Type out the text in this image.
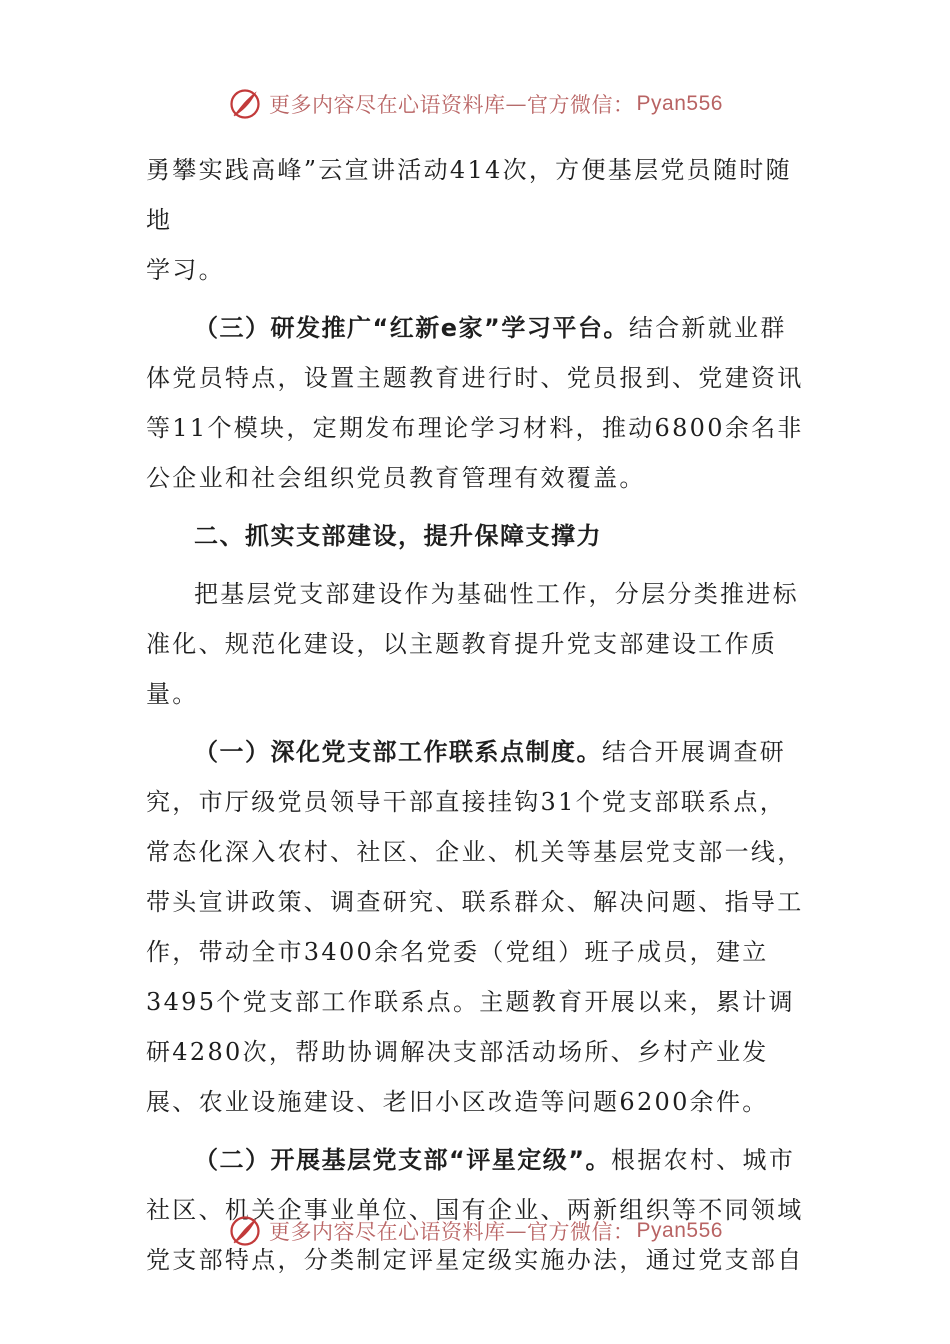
更多内容尽在心语资料库 — 官方微信： Pyan556

勇攀实践高峰”云宣讲活动414次，方便基层党员随时随地

学习。

（三）研发推广“红新e家”学习平台。结合新就业群体党员特点，设置主题教育进行时、党员报到、党建资讯等11个模块，定期发布理论学习材料，推动6800余名非公企业和社会组织党员教育管理有效覆盖。

二、抓实支部建设，提升保障支撑力

把基层党支部建设作为基础性工作，分层分类推进标准化、规范化建设，以主题教育提升党支部建设工作质量。

（一）深化党支部工作联系点制度。结合开展调查研究，市厅级党员领导干部直接挂钩31个党支部联系点，常态化深入农村、社区、企业、机关等基层党支部一线，带头宣讲政策、调查研究、联系群众、解决问题、指导工作，带动全市3400余名党委（党组）班子成员，建立3495个党支部工作联系点。主题教育开展以来，累计调研4280次，帮助协调解决支部活动场所、乡村产业发展、农业设施建设、老旧小区改造等问题6200余件。

（二）开展基层党支部“评星定级”。根据农村、城市社区、机关企事业单位、国有企业、两新组织等不同领域党支部特点，分类制定评星定级实施办法，通过党支部自

更多内容尽在心语资料库 — 官方微信： Pyan556
